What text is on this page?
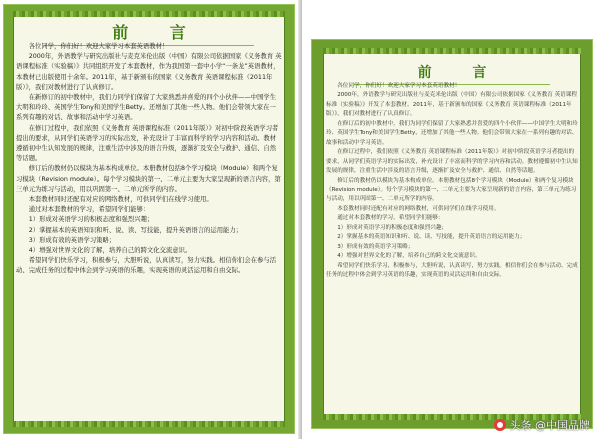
前 言

各位同学，你们好！欢迎大家学习本套英语教材！

2000年，外语教学与研究出版社与麦克米伦出版（中国）有限公司依据国家《义务教育 英语课程标准（实验稿）》共同组织开发了本套教材，作为我国第一套中小学“一条龙”英语教材，本教材已出版使用十余年。2011年，基于新颁布的国家《义务教育 英语课程标准（2011年版）》，我们对教材进行了认真修订。

在新修订的初中教材中，我们力同学们保留了大家熟悉并喜爱的四个小伙伴——中国学生大明和玲玲、英国学生Tony和美国学生Betty。还增加了其他一些人物。他们会带领大家在一系列有趣的对话、故事和活动中学习英语。

在修订过程中，我们依照《义务教育 英语课程标准（2011年版）》对初中阶段英语学习者提出的要求，从同学们英语学习的实际出发，补充设计了丰富而科学的学习内容和活动。教材遵循初中生认知发展的规律，注重生活中涉及的语言升级，逐渐扩及安全与救护、通信、自然等话题。

修订后的教材仍以模块为基本构成单位。本册教材包括8个学习模块（Module）和两个复习模块（Revision module）。每个学习模块的第一、二单元主要为大家呈现新的语言内容，第三单元为练习与活动，用以巩固第一、二单元所学的内容。

本套教材同时还配有对应的网络教材，可供同学们在线学习使用。

通过对本套教材的学习，希望同学们能够：

1）形成对英语学习的积极态度和强烈兴趣；

2）掌握基本的英语知识和听、说、读、写技能，提升英语语言的运用能力；

3）形成有效的英语学习策略；

4）增强对世界文化的了解，培养自己的跨文化交流意识。

希望同学们快乐学习，积极参与，大胆听说，认真读写，努力实践。相信你们会在参与活动、完成任务的过程中体会到学习英语的乐趣，实现英语的灵活运用和自由交际。

前 言

各位同学，你们好！欢迎大家学习本套英语教材！

2000年，外语教学与研究出版社与麦克米伦出版（中国）有限公司依据国家《义务教育 英语课程标准（实验稿）》开发了本套教材。2011年，基于新颁布的国家《义务教育 英语课程标准（2011年版）》，我们对教材进行了认真修订。

在修订后的初中教材中，我们为同学们保留了大家熟悉并喜爱的四个小伙伴——中国学生大明和玲玲、英国学生Tony和美国学生Betty，还增加了其他一些人物。他们会带领大家在一系列有趣的对话、故事和活动中学习英语。

在修订过程中，我们依照《义务教育 英语课程标准（2011年版）》对初中阶段英语学习者提出的要求，从同学们英语学习的实际出发，补充设计了丰富而科学的学习内容和活动。教材遵循初中生认知发展的规律，注重生活中涉及的语言升级，逐渐扩及安全与救护、通信、自然等话题。

修订后的教材仍以模块为基本构成单位。本册教材包括8个学习模块（Module）和两个复习模块（Revision module）。每个学习模块的第一、二单元主要为大家呈现新的语言内容，第三单元为练习与活动，用以巩固第一、二单元所学的内容。

本套教材同时还配有对应的网络教材，可供同学们在线学习使用。

通过对本套教材的学习，希望同学们能够：

1）形成对英语学习的积极态度和强烈兴趣；

2）掌握基本的英语知识和听、说、读、写技能，提升英语语言的运用能力；

3）形成有效的英语学习策略；

4）增强对世界文化的了解，培养自己的跨文化交流意识。

希望同学们快乐学习，积极参与，大胆听说，认真读写，努力实践。相信你们会在参与活动、完成任务的过程中体会到学习英语的乐趣，实现英语的灵活运用和自由交际。

头条 @中国品牌
